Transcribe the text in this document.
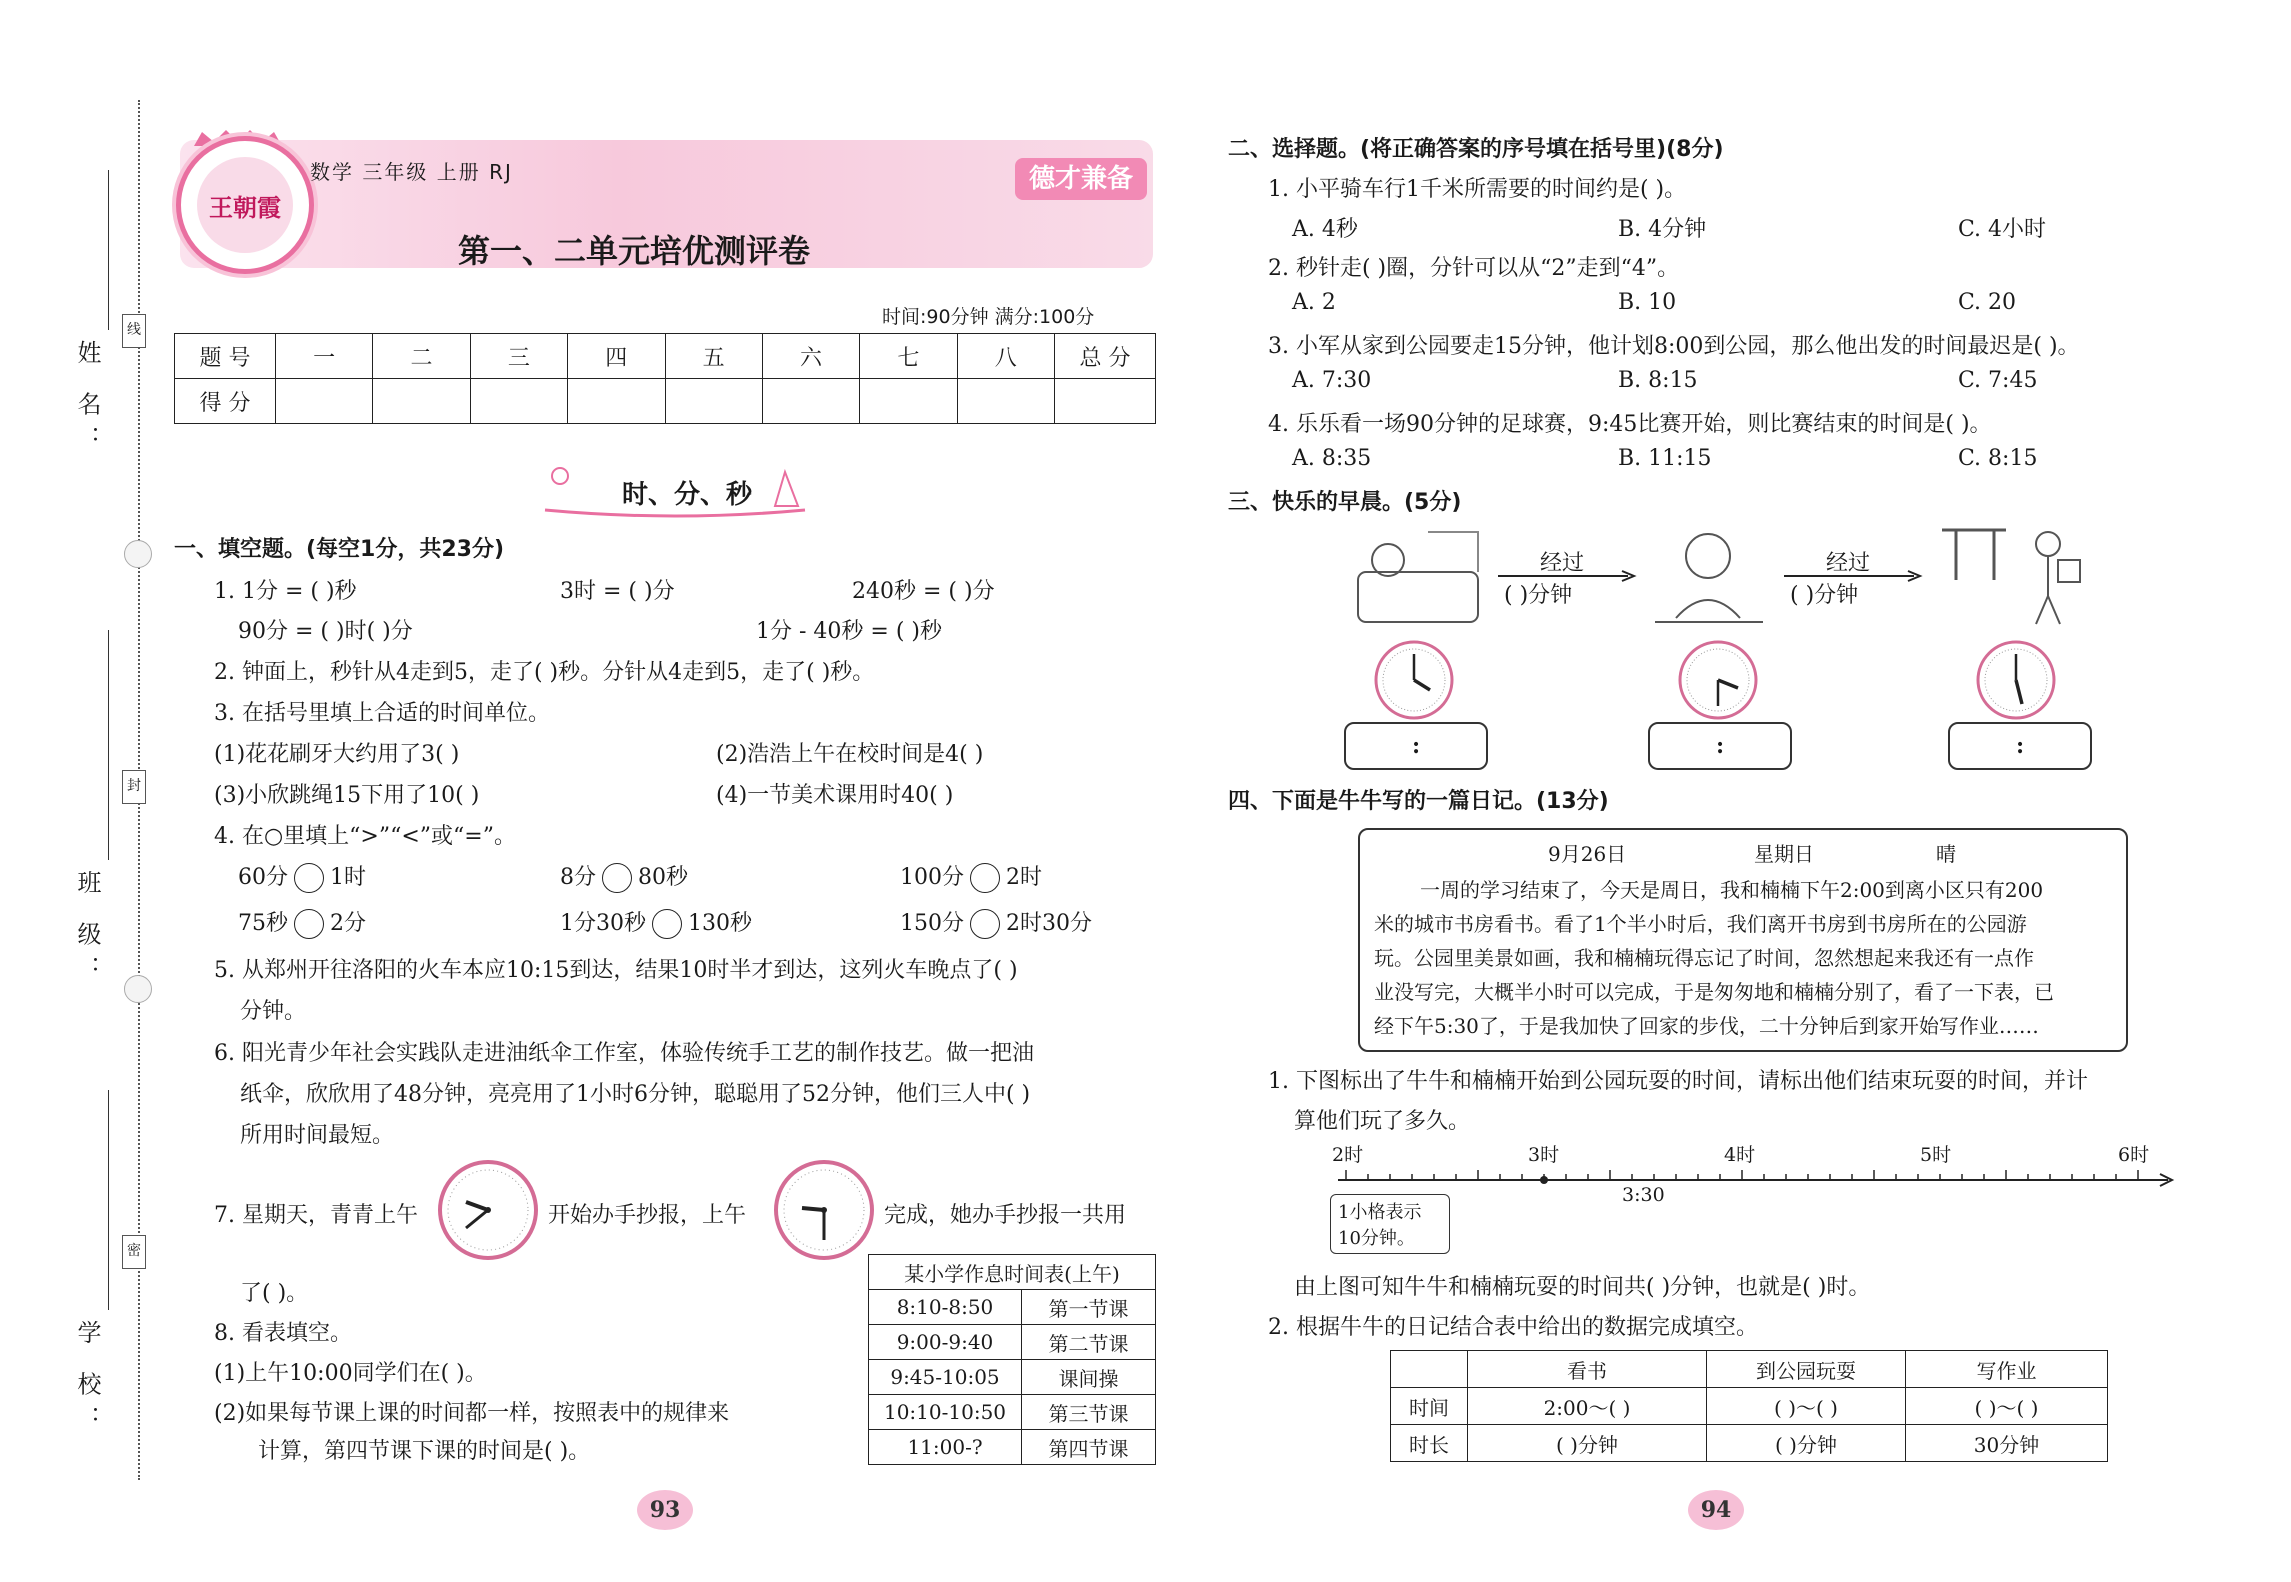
姓 名：
班 级：
学 校：
线
封
密
王朝霞
数学 三年级 上册 RJ
第一、二单元培优测评卷
德才兼备
时间:90分钟 满分:100分
题 号	一	二	三	四	五	六	七	八	总 分
得 分									
时、分、秒
一、填空题。(每空1分，共23分)
1. 1分 = ( )秒	3时 = ( )分	240秒 = ( )分
90分 = ( )时( )分	1分 - 40秒 = ( )秒
2. 钟面上，秒针从4走到5，走了( )秒。分针从4走到5，走了( )秒。
3. 在括号里填上合适的时间单位。
(1)花花刷牙大约用了3( )	(2)浩浩上午在校时间是4( )
(3)小欣跳绳15下用了10( )	(4)一节美术课用时40( )
4. 在○里填上“>”“<”或“=”。
60分 1时	8分 80秒	100分 2时
75秒 2分	1分30秒 130秒	150分 2时30分
5. 从郑州开往洛阳的火车本应10:15到达，结果10时半才到达，这列火车晚点了( )
分钟。
6. 阳光青少年社会实践队走进油纸伞工作室，体验传统手工艺的制作技艺。做一把油
纸伞，欣欣用了48分钟，亮亮用了1小时6分钟，聪聪用了52分钟，他们三人中( )
所用时间最短。
7. 星期天，青青上午	开始办手抄报，上午	完成，她办手抄报一共用
了( )。
8. 看表填空。
(1)上午10:00同学们在( )。
(2)如果每节课上课的时间都一样，按照表中的规律来
计算，第四节课下课的时间是( )。
某小学作息时间表(上午)	
8:10-8:50	第一节课
9:00-9:40	第二节课
9:45-10:05	课间操
10:10-10:50	第三节课
11:00-?	第四节课
93
二、选择题。(将正确答案的序号填在括号里)(8分)
1. 小平骑车行1千米所需要的时间约是( )。
A. 4秒	B. 4分钟	C. 4小时
2. 秒针走( )圈，分针可以从“2”走到“4”。
A. 2	B. 10	C. 20
3. 小军从家到公园要走15分钟，他计划8:00到公园，那么他出发的时间最迟是( )。
A. 7:30	B. 8:15	C. 7:45
4. 乐乐看一场90分钟的足球赛，9:45比赛开始，则比赛结束的时间是( )。
A. 8:35	B. 11:15	C. 8:15
三、快乐的早晨。(5分)
经过
( )分钟
经过
( )分钟
:	:	:
四、下面是牛牛写的一篇日记。(13分)
9月26日	星期日	晴
一周的学习结束了，今天是周日，我和楠楠下午2:00到离小区只有200
米的城市书房看书。看了1个半小时后，我们离开书房到书房所在的公园游
玩。公园里美景如画，我和楠楠玩得忘记了时间，忽然想起来我还有一点作
业没写完，大概半小时可以完成，于是匆匆地和楠楠分别了，看了一下表，已
经下午5:30了，于是我加快了回家的步伐，二十分钟后到家开始写作业……
1. 下图标出了牛牛和楠楠开始到公园玩耍的时间，请标出他们结束玩耍的时间，并计
算他们玩了多久。
2时	3时	4时	5时	6时
3:30
1小格表示
10分钟。
由上图可知牛牛和楠楠玩耍的时间共( )分钟，也就是( )时。
2. 根据牛牛的日记结合表中给出的数据完成填空。
	看书	到公园玩耍	写作业
时间	2:00～( )	( )～( )	( )～( )
时长	( )分钟	( )分钟	30分钟
94
